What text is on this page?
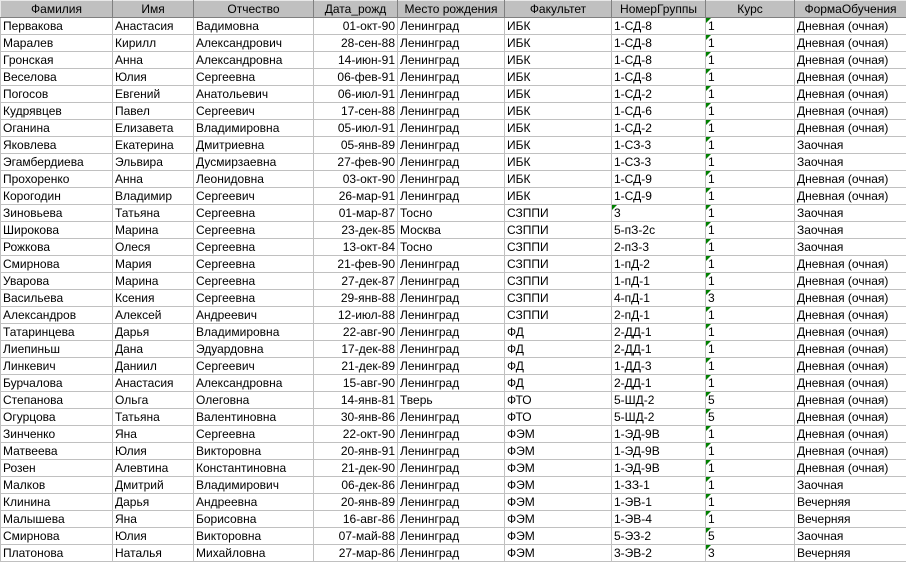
Фамилия	Имя	Отчество	Дата_рожд	Место рождения	Факультет	НомерГруппы	Курс	ФормаОбучения
Первакова	Анастасия	Вадимовна	01-окт-90	Ленинград	ИБК	1-СД-8	1	Дневная (очная)
Маралев	Кирилл	Александрович	28-сен-88	Ленинград	ИБК	1-СД-8	1	Дневная (очная)
Гронская	Анна	Александровна	14-июн-91	Ленинград	ИБК	1-СД-8	1	Дневная (очная)
Веселова	Юлия	Сергеевна	06-фев-91	Ленинград	ИБК	1-СД-8	1	Дневная (очная)
Погосов	Евгений	Анатольевич	06-июл-91	Ленинград	ИБК	1-СД-2	1	Дневная (очная)
Кудрявцев	Павел	Сергеевич	17-сен-88	Ленинград	ИБК	1-СД-6	1	Дневная (очная)
Оганина	Елизавета	Владимировна	05-июл-91	Ленинград	ИБК	1-СД-2	1	Дневная (очная)
Яковлева	Екатерина	Дмитриевна	05-янв-89	Ленинград	ИБК	1-СЗ-3	1	Заочная
Эгамбердиева	Эльвира	Дусмирзаевна	27-фев-90	Ленинград	ИБК	1-СЗ-3	1	Заочная
Прохоренко	Анна	Леонидовна	03-окт-90	Ленинград	ИБК	1-СД-9	1	Дневная (очная)
Корогодин	Владимир	Сергеевич	26-мар-91	Ленинград	ИБК	1-СД-9	1	Дневная (очная)
Зиновьева	Татьяна	Сергеевна	01-мар-87	Тосно	СЗППИ	3	1	Заочная
Широкова	Марина	Сергеевна	23-дек-85	Москва	СЗППИ	5-пЗ-2с	1	Заочная
Рожкова	Олеся	Сергеевна	13-окт-84	Тосно	СЗППИ	2-пЗ-3	1	Заочная
Смирнова	Мария	Сергеевна	21-фев-90	Ленинград	СЗППИ	1-пД-2	1	Дневная (очная)
Уварова	Марина	Сергеевна	27-дек-87	Ленинград	СЗППИ	1-пД-1	1	Дневная (очная)
Васильева	Ксения	Сергеевна	29-янв-88	Ленинград	СЗППИ	4-пД-1	3	Дневная (очная)
Александров	Алексей	Андреевич	12-июл-88	Ленинград	СЗППИ	2-пД-1	1	Дневная (очная)
Татаринцева	Дарья	Владимировна	22-авг-90	Ленинград	ФД	2-ДД-1	1	Дневная (очная)
Лиепиньш	Дана	Эдуардовна	17-дек-88	Ленинград	ФД	2-ДД-1	1	Дневная (очная)
Линкевич	Даниил	Сергеевич	21-дек-89	Ленинград	ФД	1-ДД-3	1	Дневная (очная)
Бурчалова	Анастасия	Александровна	15-авг-90	Ленинград	ФД	2-ДД-1	1	Дневная (очная)
Степанова	Ольга	Олеговна	14-янв-81	Тверь	ФТО	5-ШД-2	5	Дневная (очная)
Огурцова	Татьяна	Валентиновна	30-янв-86	Ленинград	ФТО	5-ШД-2	5	Дневная (очная)
Зинченко	Яна	Сергеевна	22-окт-90	Ленинград	ФЭМ	1-ЭД-9В	1	Дневная (очная)
Матвеева	Юлия	Викторовна	20-янв-91	Ленинград	ФЭМ	1-ЭД-9В	1	Дневная (очная)
Розен	Алевтина	Константиновна	21-дек-90	Ленинград	ФЭМ	1-ЭД-9В	1	Дневная (очная)
Малков	Дмитрий	Владимирович	06-дек-86	Ленинград	ФЭМ	1-ЗЗ-1	1	Заочная
Клинина	Дарья	Андреевна	20-янв-89	Ленинград	ФЭМ	1-ЭВ-1	1	Вечерняя
Малышева	Яна	Борисовна	16-авг-86	Ленинград	ФЭМ	1-ЭВ-4	1	Вечерняя
Смирнова	Юлия	Викторовна	07-май-88	Ленинград	ФЭМ	5-ЭЗ-2	5	Заочная
Платонова	Наталья	Михайловна	27-мар-86	Ленинград	ФЭМ	3-ЭВ-2	3	Вечерняя
